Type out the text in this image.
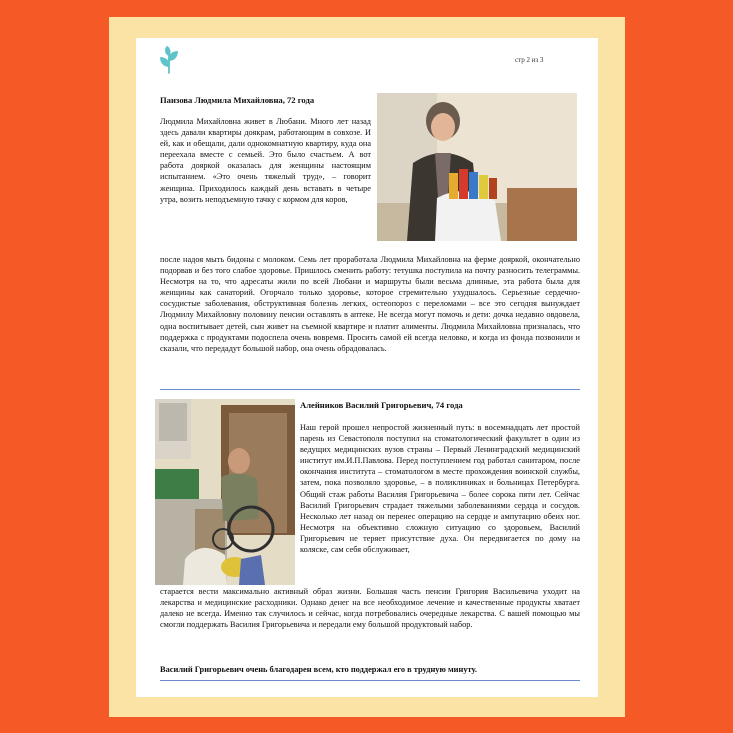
стр 2 из 3
Паизова Людмила Михайловна, 72 года

Людмила Михайловна живет в Любани. Много лет назад здесь давали квартиры доякрам, работающим в совхозе. И ей, как и обещали, дали однокомнатную квартиру, куда она переехала вместе с семьей. Это было счастьем. А вот работа дояркой оказалась для женщины настоящим испытанием. «Это очень тяжелый труд», – говорит женщина. Приходилось каждый день вставать в четыре утра, возить неподъемную тачку с кормом для коров,

после надоя мыть бидоны с молоком. Семь лет проработала Людмила Михайловна на ферме дояркой, окончательно подорвав и без того слабое здоровье. Пришлось сменить работу: тетушка поступила на почту разносить телеграммы. Несмотря на то, что адресаты жили по всей Любани и маршруты были весьма длинные, эта работа была для женщины как санаторий. Огорчало только здоровье, которое стремительно ухудшалось. Серьезные сердечно-сосудистые заболевания, обструктивная болезнь легких, остеопороз с переломами – все это сегодня вынуждает Людмилу Михайловну половину пенсии оставлять в аптеке. Не всегда могут помочь и дети: дочка недавно овдовела, одна воспитывает детей, сын живет на съемной квартире и платит алименты. Людмила Михайловна призналась, что поддержка с продуктами подоспела очень вовремя. Просить самой ей всегда неловко, и когда из фонда позвонили и сказали, что передадут большой набор, она очень обрадовалась.

Алейников Василий Григорьевич, 74 года

Наш герой прошел непростой жизненный путь: в восемнадцать лет простой парень из Севастополя поступил на стоматологический факультет в один из ведущих медицинских вузов страны – Первый Ленинградский медицинский институт им.И.П.Павлова. Перед поступлением год работал санитаром, после окончания института – стоматологом в месте прохождения воинской службы, затем, пока позволяло здоровье, – в поликлиниках и больницах Петербурга. Общий стаж работы Василия Григорьевича – более сорока пяти лет. Сейчас Василий Григорьевич страдает тяжелыми заболеваниями сердца и сосудов. Несколько лет назад он перенес операцию на сердце и ампутацию обеих ног. Несмотря на объективно сложную ситуацию со здоровьем, Василий Григорьевич не теряет присутствие духа. Он передвигается по дому на коляске, сам себя обслуживает,

старается вести максимально активный образ жизни. Большая часть пенсии Григория Васильевича уходит на лекарства и медицинские расходники. Однако денег на все необходимое лечение и качественные продукты хватает далеко не всегда. Именно так случилось и сейчас, когда потребовались очередные лекарства. С вашей помощью мы смогли поддержать Василия Григорьевича и передали ему большой продуктовый набор.

Василий Григорьевич очень благодарен всем, кто поддержал его в трудную минуту.
